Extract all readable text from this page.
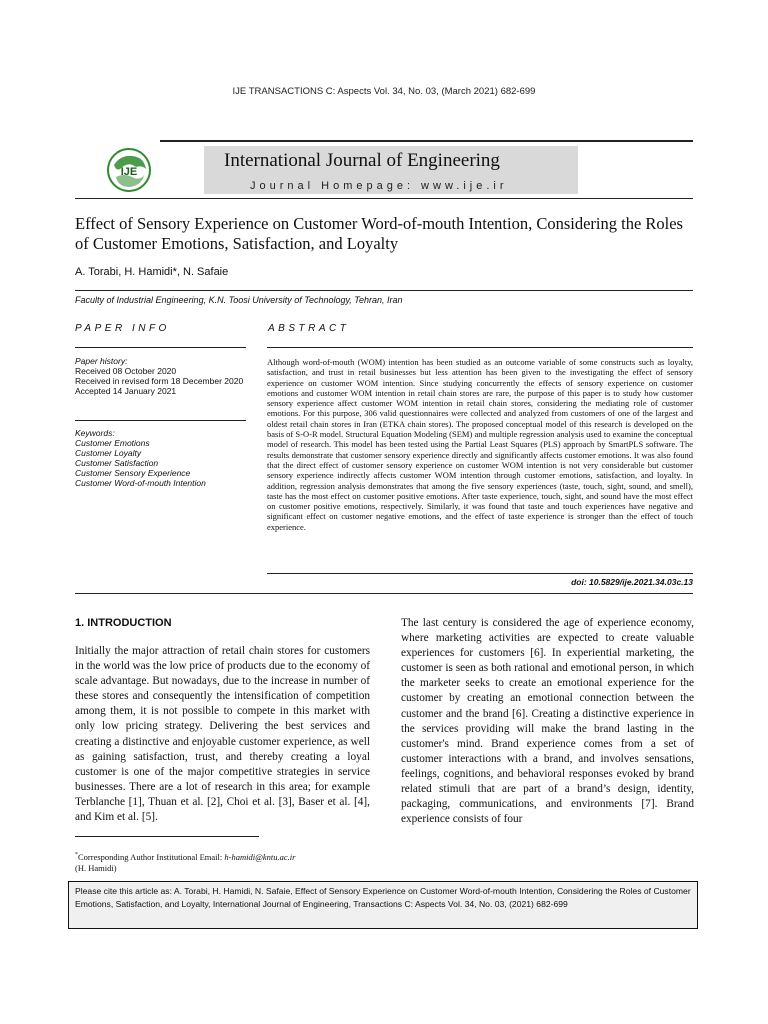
IJE TRANSACTIONS C: Aspects Vol. 34, No. 03, (March 2021) 682-699
IJE
International Journal of Engineering
Journal Homepage: www.ije.ir
Effect of Sensory Experience on Customer Word-of-mouth Intention, Considering the Roles of Customer Emotions, Satisfaction, and Loyalty
A. Torabi, H. Hamidi*, N. Safaie
Faculty of Industrial Engineering, K.N. Toosi University of Technology, Tehran, Iran
PAPER INFO	ABSTRACT
Paper history:
Received 08 October 2020
Received in revised form 18 December 2020
Accepted 14 January 2021
Keywords:
Customer Emotions
Customer Loyalty
Customer Satisfaction
Customer Sensory Experience
Customer Word-of-mouth Intention
Although word-of-mouth (WOM) intention has been studied as an outcome variable of some constructs such as loyalty, satisfaction, and trust in retail businesses but less attention has been given to the investigating the effect of sensory experience on customer WOM intention. Since studying concurrently the effects of sensory experience on customer emotions and customer WOM intention in retail chain stores are rare, the purpose of this paper is to study how customer sensory experience affect customer WOM intention in retail chain stores, considering the mediating role of customer emotions. For this purpose, 306 valid questionnaires were collected and analyzed from customers of one of the largest and oldest retail chain stores in Iran (ETKA chain stores). The proposed conceptual model of this research is developed on the basis of S-O-R model. Structural Equation Modeling (SEM) and multiple regression analysis used to examine the conceptual model of research. This model has been tested using the Partial Least Squares (PLS) approach by SmartPLS software. The results demonstrate that customer sensory experience directly and significantly affects customer emotions. It was also found that the direct effect of customer sensory experience on customer WOM intention is not very considerable but customer sensory experience indirectly affects customer WOM intention through customer emotions, satisfaction, and loyalty. In addition, regression analysis demonstrates that among the five sensory experiences (taste, touch, sight, sound, and smell), taste has the most effect on customer positive emotions. After taste experience, touch, sight, and sound have the most effect on customer positive emotions, respectively. Similarly, it was found that taste and touch experiences have negative and significant effect on customer negative emotions, and the effect of taste experience is stronger than the effect of touch experience.
doi: 10.5829/ije.2021.34.03c.13
1. INTRODUCTION
Initially the major attraction of retail chain stores for customers in the world was the low price of products due to the economy of scale advantage. But nowadays, due to the increase in number of these stores and consequently the intensification of competition among them, it is not possible to compete in this market with only low pricing strategy. Delivering the best services and creating a distinctive and enjoyable customer experience, as well as gaining satisfaction, trust, and thereby creating a loyal customer is one of the major competitive strategies in service businesses. There are a lot of research in this area; for example Terblanche [1], Thuan et al. [2], Choi et al. [3], Baser et al. [4], and Kim et al. [5].
The last century is considered the age of experience economy, where marketing activities are expected to create valuable experiences for customers [6]. In experiential marketing, the customer is seen as both rational and emotional person, in which the marketer seeks to create an emotional experience for the customer by creating an emotional connection between the customer and the brand [6]. Creating a distinctive experience in the services providing will make the brand lasting in the customer's mind. Brand experience comes from a set of customer interactions with a brand, and involves sensations, feelings, cognitions, and behavioral responses evoked by brand related stimuli that are part of a brand’s design, identity, packaging, communications, and environments [7]. Brand experience consists of four
*Corresponding Author Institutional Email: h-hamidi@kntu.ac.ir
(H. Hamidi)
Please cite this article as: A. Torabi, H. Hamidi, N. Safaie, Effect of Sensory Experience on Customer Word-of-mouth Intention, Considering the Roles of Customer Emotions, Satisfaction, and Loyalty, International Journal of Engineering, Transactions C: Aspects Vol. 34, No. 03, (2021) 682-699
